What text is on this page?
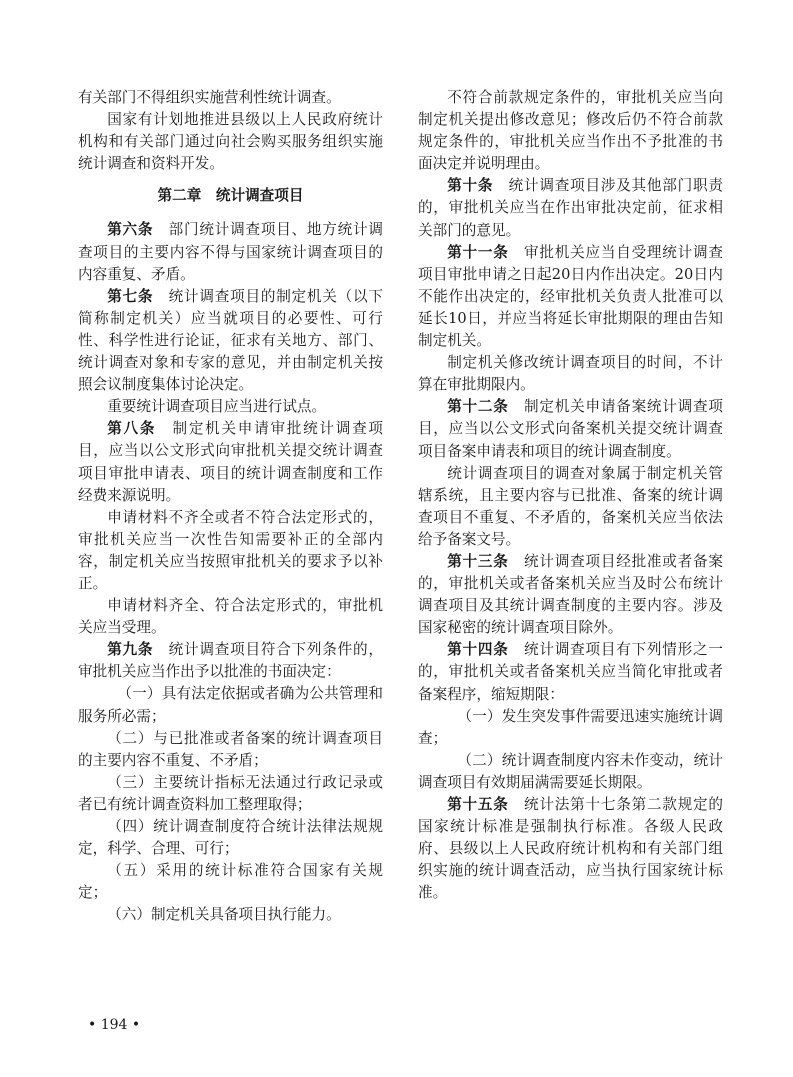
有关部门不得组织实施营利性统计调查。

国家有计划地推进县级以上人民政府统计机构和有关部门通过向社会购买服务组织实施统计调查和资料开发。

第二章　统计调查项目

第六条　部门统计调查项目、地方统计调查项目的主要内容不得与国家统计调查项目的内容重复、矛盾。

第七条　统计调查项目的制定机关（以下简称制定机关）应当就项目的必要性、可行性、科学性进行论证，征求有关地方、部门、统计调查对象和专家的意见，并由制定机关按照会议制度集体讨论决定。

重要统计调查项目应当进行试点。

第八条　制定机关申请审批统计调查项目，应当以公文形式向审批机关提交统计调查项目审批申请表、项目的统计调查制度和工作经费来源说明。

申请材料不齐全或者不符合法定形式的，审批机关应当一次性告知需要补正的全部内容，制定机关应当按照审批机关的要求予以补正。

申请材料齐全、符合法定形式的，审批机关应当受理。

第九条　统计调查项目符合下列条件的，审批机关应当作出予以批准的书面决定：

（一）具有法定依据或者确为公共管理和服务所必需；

（二）与已批准或者备案的统计调查项目的主要内容不重复、不矛盾；

（三）主要统计指标无法通过行政记录或者已有统计调查资料加工整理取得；

（四）统计调查制度符合统计法律法规规定，科学、合理、可行；

（五）采用的统计标准符合国家有关规定；

（六）制定机关具备项目执行能力。

不符合前款规定条件的，审批机关应当向制定机关提出修改意见；修改后仍不符合前款规定条件的，审批机关应当作出不予批准的书面决定并说明理由。

第十条　统计调查项目涉及其他部门职责的，审批机关应当在作出审批决定前，征求相关部门的意见。

第十一条　审批机关应当自受理统计调查项目审批申请之日起20日内作出决定。20日内不能作出决定的，经审批机关负责人批准可以延长10日，并应当将延长审批期限的理由告知制定机关。

制定机关修改统计调查项目的时间，不计算在审批期限内。

第十二条　制定机关申请备案统计调查项目，应当以公文形式向备案机关提交统计调查项目备案申请表和项目的统计调查制度。

统计调查项目的调查对象属于制定机关管辖系统，且主要内容与已批准、备案的统计调查项目不重复、不矛盾的，备案机关应当依法给予备案文号。

第十三条　统计调查项目经批准或者备案的，审批机关或者备案机关应当及时公布统计调查项目及其统计调查制度的主要内容。涉及国家秘密的统计调查项目除外。

第十四条　统计调查项目有下列情形之一的，审批机关或者备案机关应当简化审批或者备案程序，缩短期限：

（一）发生突发事件需要迅速实施统计调查；

（二）统计调查制度内容未作变动，统计调查项目有效期届满需要延长期限。

第十五条　统计法第十七条第二款规定的国家统计标准是强制执行标准。各级人民政府、县级以上人民政府统计机构和有关部门组织实施的统计调查活动，应当执行国家统计标准。

• 194 •
